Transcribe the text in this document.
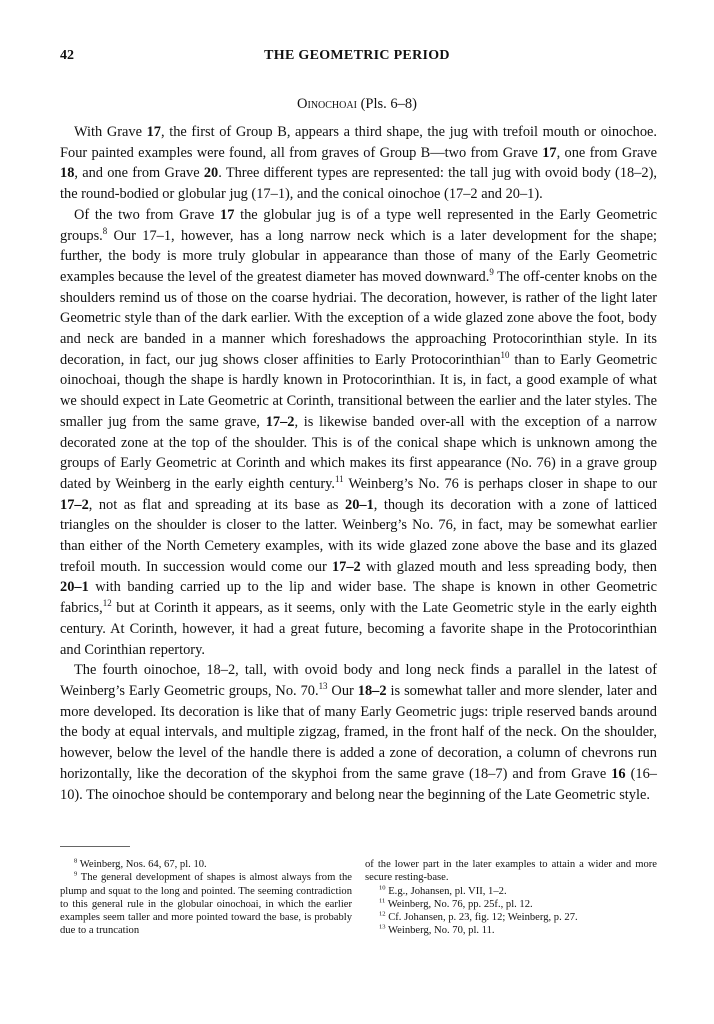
42	THE GEOMETRIC PERIOD
Oinochoai (Pls. 6–8)

With Grave 17, the first of Group B, appears a third shape, the jug with trefoil mouth or oinochoe. Four painted examples were found, all from graves of Group B—two from Grave 17, one from Grave 18, and one from Grave 20. Three different types are represented: the tall jug with ovoid body (18–2), the round-bodied or globular jug (17–1), and the conical oinochoe (17–2 and 20–1).

Of the two from Grave 17 the globular jug is of a type well represented in the Early Geometric groups.$^8$ Our 17–1, however, has a long narrow neck which is a later development for the shape; further, the body is more truly globular in appearance than those of many of the Early Geometric examples because the level of the greatest diameter has moved downward.$^9$ The off-center knobs on the shoulders remind us of those on the coarse hydriai. The decoration, however, is rather of the light later Geometric style than of the dark earlier. With the exception of a wide glazed zone above the foot, body and neck are banded in a manner which foreshadows the approaching Protocorinthian style. In its decoration, in fact, our jug shows closer affinities to Early Protocorinthian$^{10}$ than to Early Geometric oinochoai, though the shape is hardly known in Protocorinthian. It is, in fact, a good example of what we should expect in Late Geometric at Corinth, transitional between the earlier and the later styles. The smaller jug from the same grave, 17–2, is likewise banded over-all with the exception of a narrow decorated zone at the top of the shoulder. This is of the conical shape which is unknown among the groups of Early Geometric at Corinth and which makes its first appearance (No. 76) in a grave group dated by Weinberg in the early eighth century.$^{11}$ Weinberg’s No. 76 is perhaps closer in shape to our 17–2, not as flat and spreading at its base as 20–1, though its decoration with a zone of latticed triangles on the shoulder is closer to the latter. Weinberg’s No. 76, in fact, may be somewhat earlier than either of the North Cemetery examples, with its wide glazed zone above the base and its glazed trefoil mouth. In succession would come our 17–2 with glazed mouth and less spreading body, then 20–1 with banding carried up to the lip and wider base. The shape is known in other Geometric fabrics,$^{12}$ but at Corinth it appears, as it seems, only with the Late Geometric style in the early eighth century. At Corinth, however, it had a great future, becoming a favorite shape in the Protocorinthian and Corinthian repertory.

The fourth oinochoe, 18–2, tall, with ovoid body and long neck finds a parallel in the latest of Weinberg’s Early Geometric groups, No. 70.13 Our 18–2 is somewhat taller and more slender, later and more developed. Its decoration is like that of many Early Geometric jugs: triple reserved bands around the body at equal intervals, and multiple zigzag, framed, in the front half of the neck. On the shoulder, however, below the level of the handle there is added a zone of decoration, a column of chevrons run horizontally, like the decoration of the skyphoi from the same grave (18–7) and from Grave 16 (16–10). The oinochoe should be contemporary and belong near the beginning of the Late Geometric style.

$^8$ Weinberg, Nos. 64, 67, pl. 10.

$^9$ The general development of shapes is almost always from the plump and squat to the long and pointed. The seeming contradiction to this general rule in the globular oinochoai, in which the earlier examples seem taller and more pointed toward the base, is probably due to a truncation

of the lower part in the later examples to attain a wider and more secure resting-base.

$^{10}$ E.g., Johansen, pl. VII, 1–2.

$^{11}$ Weinberg, No. 76, pp. 25f., pl. 12.

$^{12}$ Cf. Johansen, p. 23, fig. 12; Weinberg, p. 27.

$^{13}$ Weinberg, No. 70, pl. 11.
